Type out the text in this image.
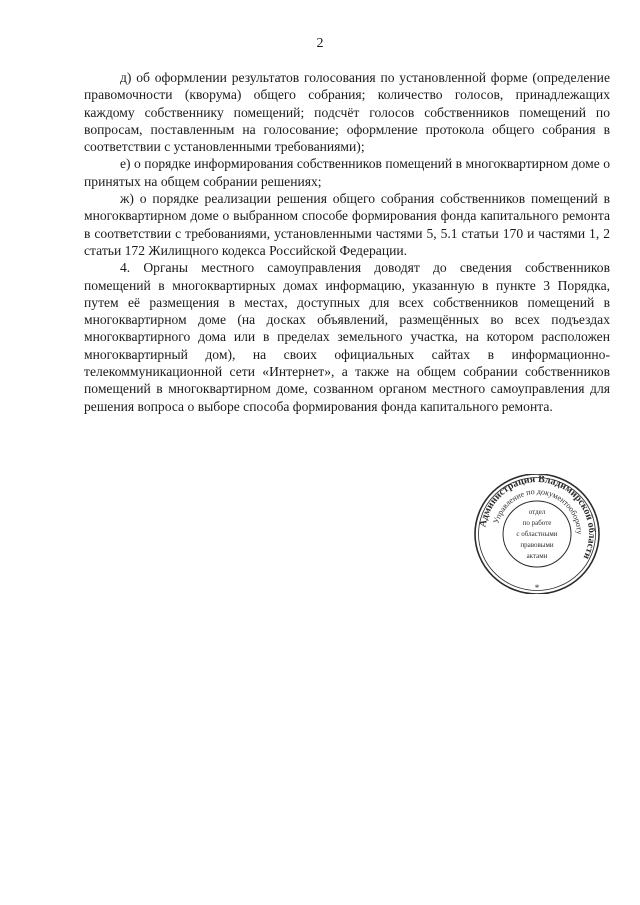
2

д) об оформлении результатов голосования по установленной форме (определение правомочности (кворума) общего собрания; количество голосов, принадлежащих каждому собственнику помещений; подсчёт голосов собственников помещений по вопросам, поставленным на голосование; оформление протокола общего собрания в соответствии с установленными требованиями);

е) о порядке информирования собственников помещений в многоквартирном доме о принятых на общем собрании решениях;

ж) о порядке реализации решения общего собрания собственников помещений в многоквартирном доме о выбранном способе формирования фонда капитального ремонта в соответствии с требованиями, установленными частями 5, 5.1 статьи 170 и частями 1, 2 статьи 172 Жилищного кодекса Российской Федерации.

4. Органы местного самоуправления доводят до сведения собственников помещений в многоквартирных домах информацию, указанную в пункте 3 Порядка, путем её размещения в местах, доступных для всех собственников помещений в многоквартирном доме (на досках объявлений, размещённых во всех подъездах многоквартирного дома или в пределах земельного участка, на котором расположен многоквартирный дом), на своих официальных сайтах в информационно-телекоммуникационной сети «Интернет», а также на общем собрании собственников помещений в многоквартирном доме, созванном органом местного самоуправления для решения вопроса о выборе способа формирования фонда капитального ремонта.

Администрация Владимирской области
Управление по документообороту
отдел
по работе
с областными
правовыми
актами
*
